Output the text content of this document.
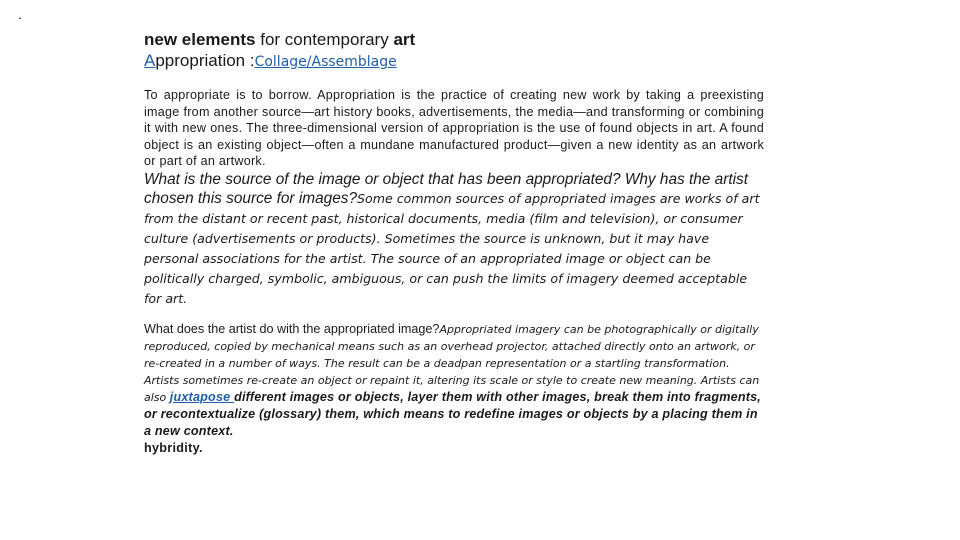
.
new elements for contemporary art
Appropriation :Collage/Assemblage

To appropriate is to borrow. Appropriation is the practice of creating new work by taking a preexisting image from another source—art history books, advertisements, the media—and transforming or combining it with new ones. The three-dimensional version of appropriation is the use of found objects in art. A found object is an existing object—often a mundane manufactured product—given a new identity as an artwork or part of an artwork.

What is the source of the image or object that has been appropriated? Why has the artist chosen this source for images?Some common sources of appropriated images are works of art from the distant or recent past, historical documents, media (film and television), or consumer culture (advertisements or products). Sometimes the source is unknown, but it may have personal associations for the artist. The source of an appropriated image or object can be politically charged, symbolic, ambiguous, or can push the limits of imagery deemed acceptable for art.
What does the artist do with the appropriated image?Appropriated imagery can be photographically or digitally reproduced, copied by mechanical means such as an overhead projector, attached directly onto an artwork, or re-created in a number of ways. The result can be a deadpan representation or a startling transformation. Artists sometimes re-create an object or repaint it, altering its scale or style to create new meaning. Artists can also juxtapose different images or objects, layer them with other images, break them into fragments, or recontextualize (glossary) them, which means to redefine images or objects by a placing them in a new context.
hybridity.
